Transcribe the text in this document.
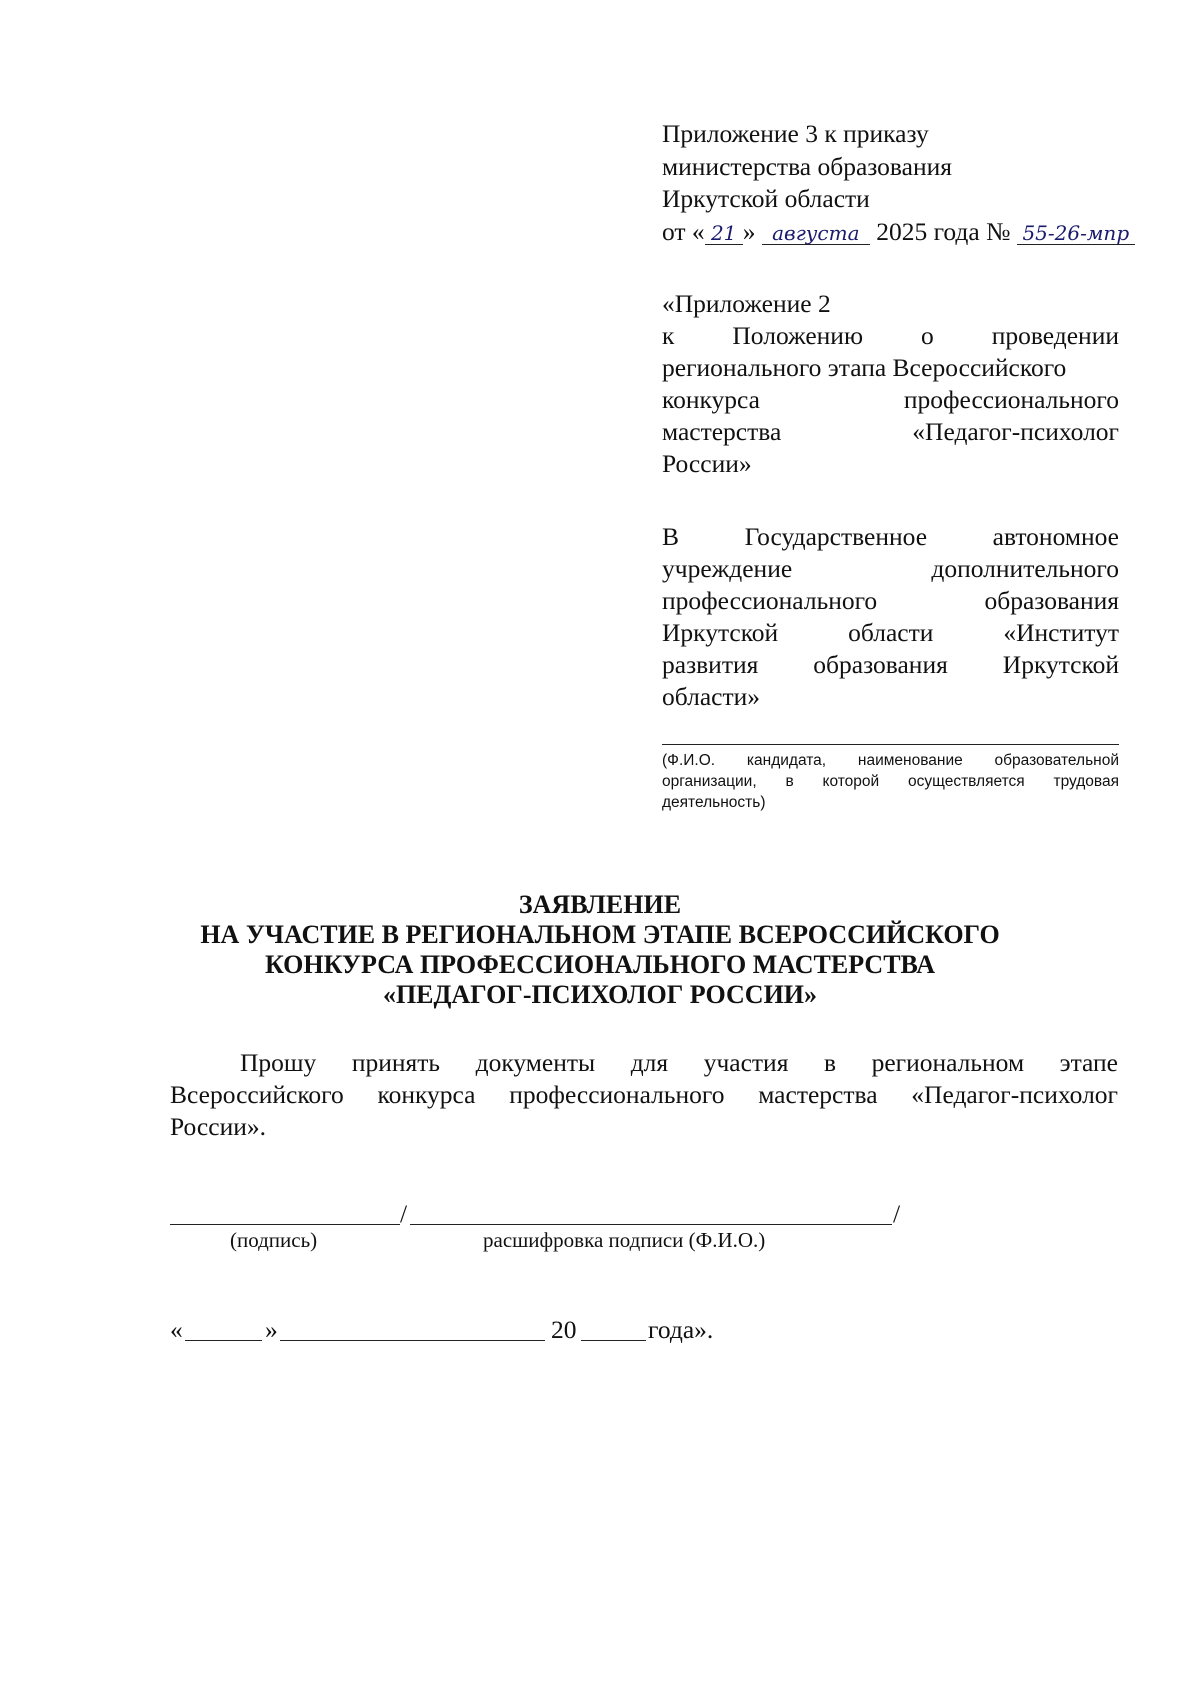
Приложение 3 к приказу
министерства образования
Иркутской области
от « 21 » августа 2025 года № 55-26-мпр
«Приложение 2
к Положению о проведении
регионального этапа Всероссийского
конкурса профессионального
мастерства «Педагог-психолог
России»
В Государственное автономное
учреждение дополнительного
профессионального образования
Иркутской области «Институт
развития образования Иркутской
области»
(Ф.И.О. кандидата, наименование образовательной организации, в которой осуществляется трудовая деятельность)
ЗАЯВЛЕНИЕ
НА УЧАСТИЕ В РЕГИОНАЛЬНОМ ЭТАПЕ ВСЕРОССИЙСКОГО
КОНКУРСА ПРОФЕССИОНАЛЬНОГО МАСТЕРСТВА
«ПЕДАГОГ-ПСИХОЛОГ РОССИИ»
Прошу принять документы для участия в региональном этапе
Всероссийского конкурса профессионального мастерства «Педагог-психолог
России».
/	/
(подпись)	расшифровка подписи (Ф.И.О.)
«	»	20	года».
